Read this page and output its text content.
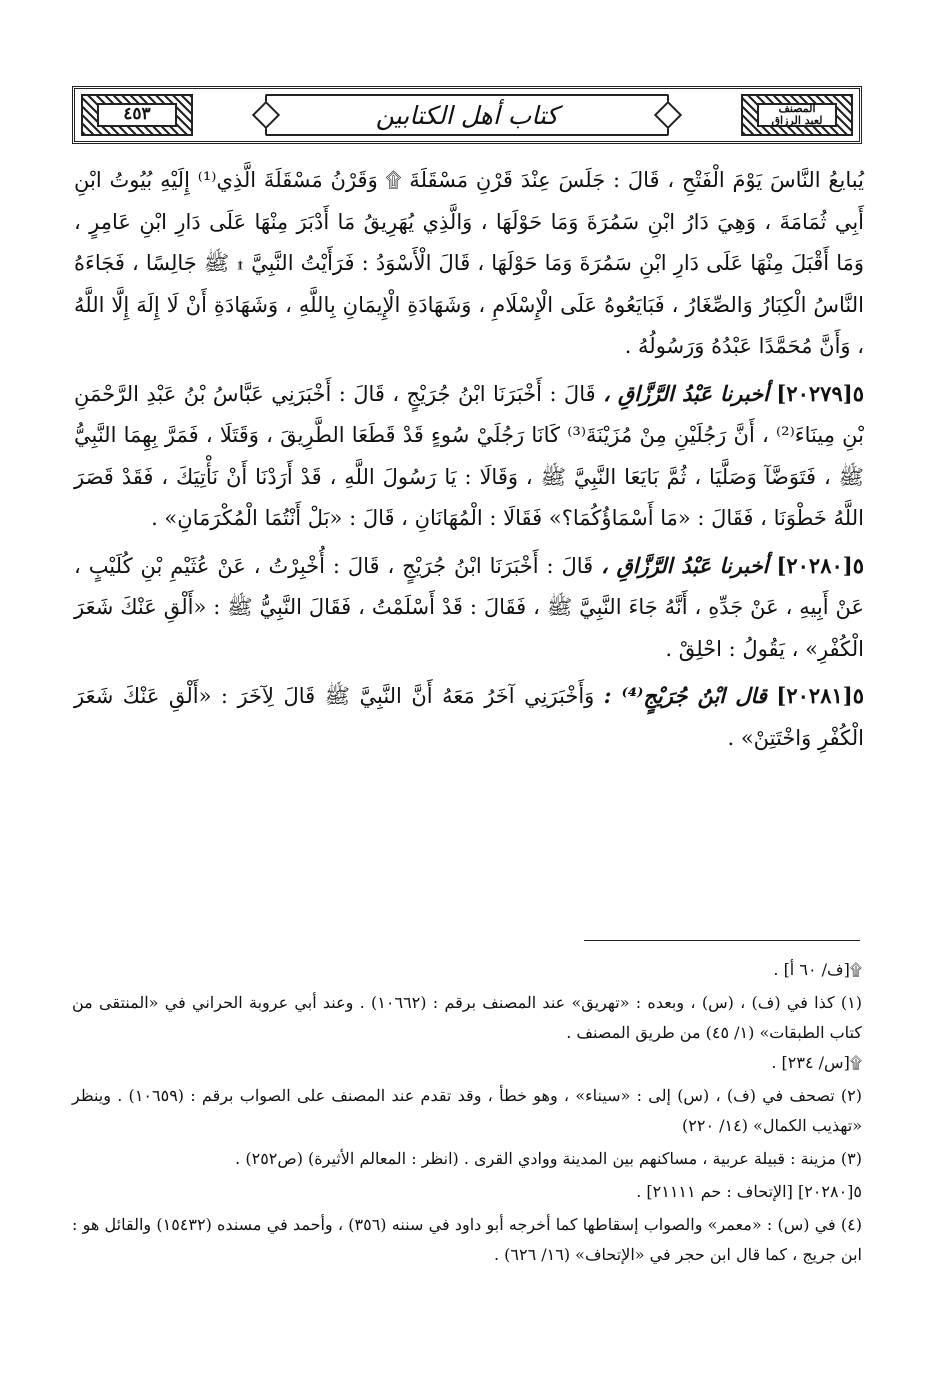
المصنف
لعبد الرزاق
كتاب أهل الكتابين
٤٥٣

يُبايعُ النَّاسَ يَوْمَ الْفَتْحِ ، قَالَ : جَلَسَ عِنْدَ قَرْنِ مَسْقَلَةَ ۩ وَقَرْنُ مَسْقَلَةَ الَّذِي⁽¹⁾ إِلَيْهِ بُيُوتُ ابْنِ أَبِي ثُمَامَةَ ، وَهِيَ دَارُ ابْنِ سَمُرَةَ وَمَا حَوْلَهَا ، وَالَّذِي يُهَرِيقُ مَا أَدْبَرَ مِنْهَا عَلَى دَارِ ابْنِ عَامِرٍ ، وَمَا أَقْبَلَ مِنْهَا عَلَى دَارِ ابْنِ سَمُرَةَ وَمَا حَوْلَهَا ، قَالَ الْأَسْوَدُ : فَرَأَيْتُ النَّبِيَّ ۩ ﷺ جَالِسًا ، فَجَاءَهُ النَّاسُ الْكِبَارُ وَالصِّغَارُ ، فَبَايَعُوهُ عَلَى الْإِسْلَامِ ، وَشَهَادَةِ الْإِيمَانِ بِاللَّهِ ، وَشَهَادَةِ أَنْ لَا إِلَهَ إِلَّا اللَّهُ ، وَأَنَّ مُحَمَّدًا عَبْدُهُ وَرَسُولُهُ .

٥[٢٠٢٧٩] أخبرنا عَبْدُ الرَّزَّاقِ ، قَالَ : أَخْبَرَنَا ابْنُ جُرَيْجٍ ، قَالَ : أَخْبَرَنِي عَبَّاسُ بْنُ عَبْدِ الرَّحْمَنِ بْنِ مِينَاءَ⁽²⁾ ، أَنَّ رَجُلَيْنِ مِنْ مُزَيْنَةَ⁽³⁾ كَانَا رَجُلَيْ سُوءٍ قَدْ قَطَعَا الطَّرِيقَ ، وَقَتَلَا ، فَمَرَّ بِهِمَا النَّبِيُّ ﷺ ، فَتَوَضَّآ وَصَلَّيَا ، ثُمَّ بَايَعَا النَّبِيَّ ﷺ ، وَقَالَا : يَا رَسُولَ اللَّهِ ، قَدْ أَرَدْنَا أَنْ نَأْتِيَكَ ، فَقَدْ قَصَرَ اللَّهُ خَطْوَنَا ، فَقَالَ : «مَا أَسْمَاؤُكُمَا؟» فَقَالَا : الْمُهَانَانِ ، قَالَ : «بَلْ أَنْتُمَا الْمُكْرَمَانِ» .

٥[٢٠٢٨٠] أخبرنا عَبْدُ الرَّزَّاقِ ، قَالَ : أَخْبَرَنَا ابْنُ جُرَيْجٍ ، قَالَ : أُخْبِرْتُ ، عَنْ عُثَيْمِ بْنِ كُلَيْبٍ ، عَنْ أَبِيهِ ، عَنْ جَدِّهِ ، أَنَّهُ جَاءَ النَّبِيَّ ﷺ ، فَقَالَ : قَدْ أَسْلَمْتُ ، فَقَالَ النَّبِيُّ ﷺ : «أَلْقِ عَنْكَ شَعَرَ الْكُفْرِ» ، يَقُولُ : احْلِقْ .

٥[٢٠٢٨١] قال ابْنُ جُرَيْجٍ⁽⁴⁾ : وَأَخْبَرَنِي آخَرُ مَعَهُ أَنَّ النَّبِيَّ ﷺ قَالَ لِآخَرَ : «أَلْقِ عَنْكَ شَعَرَ الْكُفْرِ وَاخْتَتِنْ» .

۩[ف/ ٦٠ أ] .

(١) كذا في (ف) ، (س) ، وبعده : «تهريق» عند المصنف برقم : (١٠٦٦٢) . وعند أبي عروبة الحراني في «المنتقى من كتاب الطبقات» (١/ ٤٥) من طريق المصنف .

۩[س/ ٢٣٤] .

(٢) تصحف في (ف) ، (س) إلى : «سيناء» ، وهو خطأ ، وقد تقدم عند المصنف على الصواب برقم : (١٠٦٥٩) . وينظر «تهذيب الكمال» (١٤/ ٢٢٠)

(٣) مزينة : قبيلة عربية ، مساكنهم بين المدينة ووادي القرى . (انظر : المعالم الأثيرة) (ص٢٥٢) .

٥[٢٠٢٨٠] [الإتحاف : حم ٢١١١١] .

(٤) في (س) : «معمر» والصواب إسقاطها كما أخرجه أبو داود في سننه (٣٥٦) ، وأحمد في مسنده (١٥٤٣٢) والقائل هو : ابن جريج ، كما قال ابن حجر في «الإتحاف» (١٦/ ٦٢٦) .
